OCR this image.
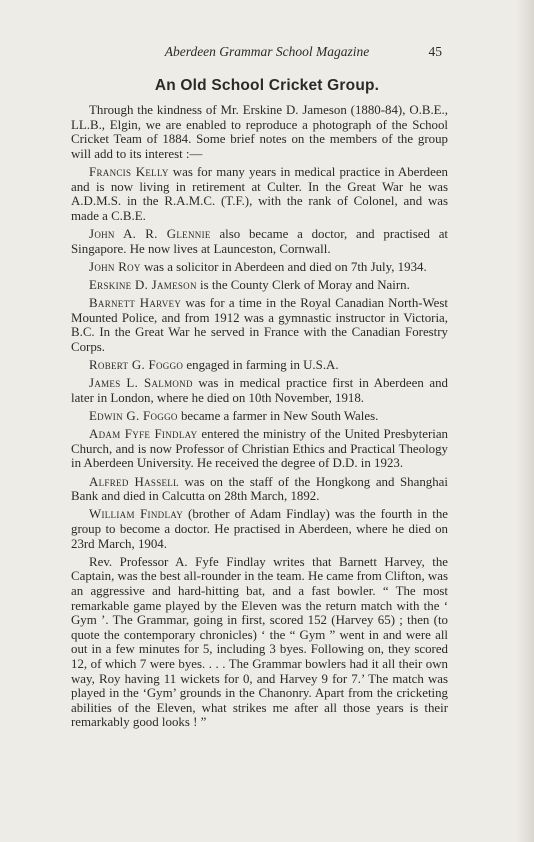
Aberdeen Grammar School Magazine	45
An Old School Cricket Group.

Through the kindness of Mr. Erskine D. Jameson (1880-84), O.B.E., LL.B., Elgin, we are enabled to reproduce a photograph of the School Cricket Team of 1884. Some brief notes on the members of the group will add to its interest :—

Francis Kelly was for many years in medical practice in Aberdeen and is now living in retirement at Culter. In the Great War he was A.D.M.S. in the R.A.M.C. (T.F.), with the rank of Colonel, and was made a C.B.E.

John A. R. Glennie also became a doctor, and practised at Singapore. He now lives at Launceston, Cornwall.

John Roy was a solicitor in Aberdeen and died on 7th July, 1934.

Erskine D. Jameson is the County Clerk of Moray and Nairn.

Barnett Harvey was for a time in the Royal Canadian North-West Mounted Police, and from 1912 was a gymnastic instructor in Victoria, B.C. In the Great War he served in France with the Canadian Forestry Corps.

Robert G. Foggo engaged in farming in U.S.A.

James L. Salmond was in medical practice first in Aberdeen and later in London, where he died on 10th November, 1918.

Edwin G. Foggo became a farmer in New South Wales.

Adam Fyfe Findlay entered the ministry of the United Presbyterian Church, and is now Professor of Christian Ethics and Practical Theology in Aberdeen University. He received the degree of D.D. in 1923.

Alfred Hassell was on the staff of the Hongkong and Shanghai Bank and died in Calcutta on 28th March, 1892.

William Findlay (brother of Adam Findlay) was the fourth in the group to become a doctor. He practised in Aberdeen, where he died on 23rd March, 1904.

Rev. Professor A. Fyfe Findlay writes that Barnett Harvey, the Captain, was the best all-rounder in the team. He came from Clifton, was an aggressive and hard-hitting bat, and a fast bowler. “ The most remarkable game played by the Eleven was the return match with the ‘ Gym ’. The Grammar, going in first, scored 152 (Harvey 65) ; then (to quote the contemporary chronicles) ‘ the “ Gym ” went in and were all out in a few minutes for 5, including 3 byes. Following on, they scored 12, of which 7 were byes. . . . The Grammar bowlers had it all their own way, Roy having 11 wickets for 0, and Harvey 9 for 7.’ The match was played in the ‘Gym’ grounds in the Chanonry. Apart from the cricketing abilities of the Eleven, what strikes me after all those years is their remarkably good looks ! ”
